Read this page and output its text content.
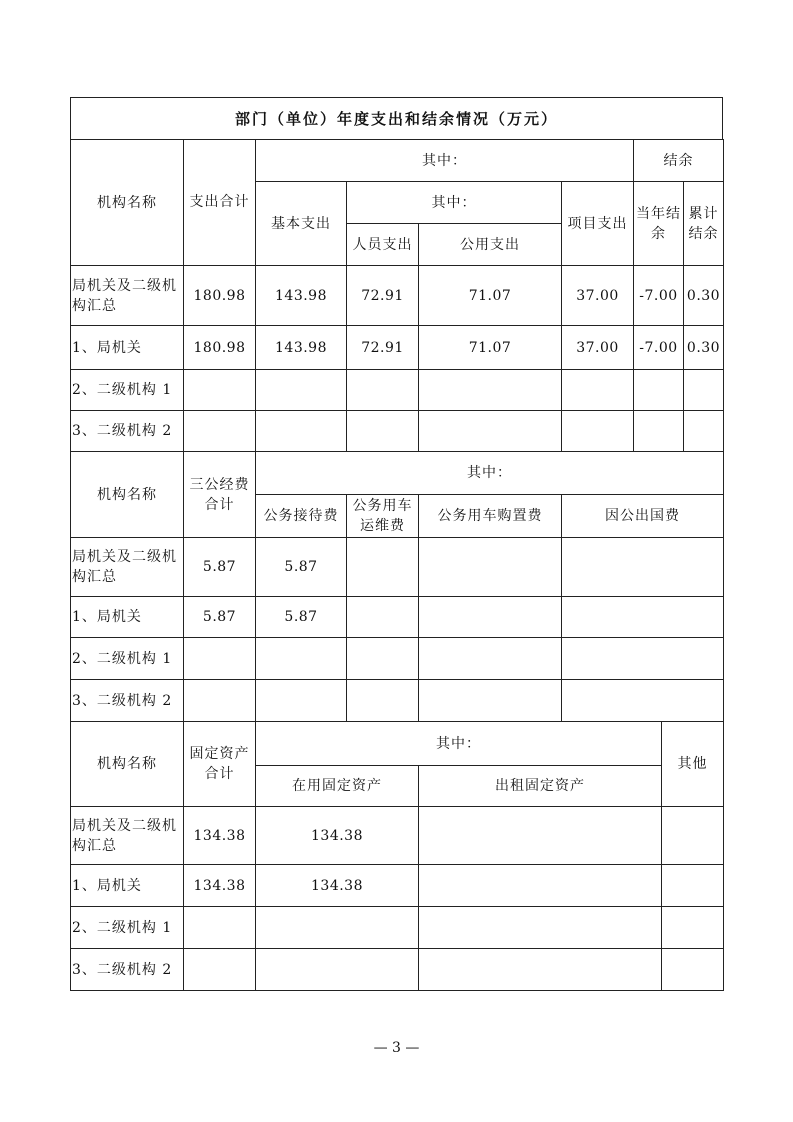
部门（单位）年度支出和结余情况（万元）
机构名称	支出合计	其中：				结余	
		基本支出	其中：		项目支出	当年结余	累计结余
			人员支出	公用支出			
局机关及二级机构汇总	180.98	143.98	72.91	71.07	37.00	-7.00	0.30
1、局机关	180.98	143.98	72.91	71.07	37.00	-7.00	0.30
2、二级机构 1							
3、二级机构 2							
机构名称	三公经费合计	其中：			
		公务接待费	公务用车运维费	公务用车购置费	因公出国费
局机关及二级机构汇总	5.87	5.87			
1、局机关	5.87	5.87			
2、二级机构 1					
3、二级机构 2					
机构名称	固定资产合计	其中：		其他
		在用固定资产	出租固定资产	
局机关及二级机构汇总	134.38	134.38		
1、局机关	134.38	134.38		
2、二级机构 1				
3、二级机构 2				
— 3 —
